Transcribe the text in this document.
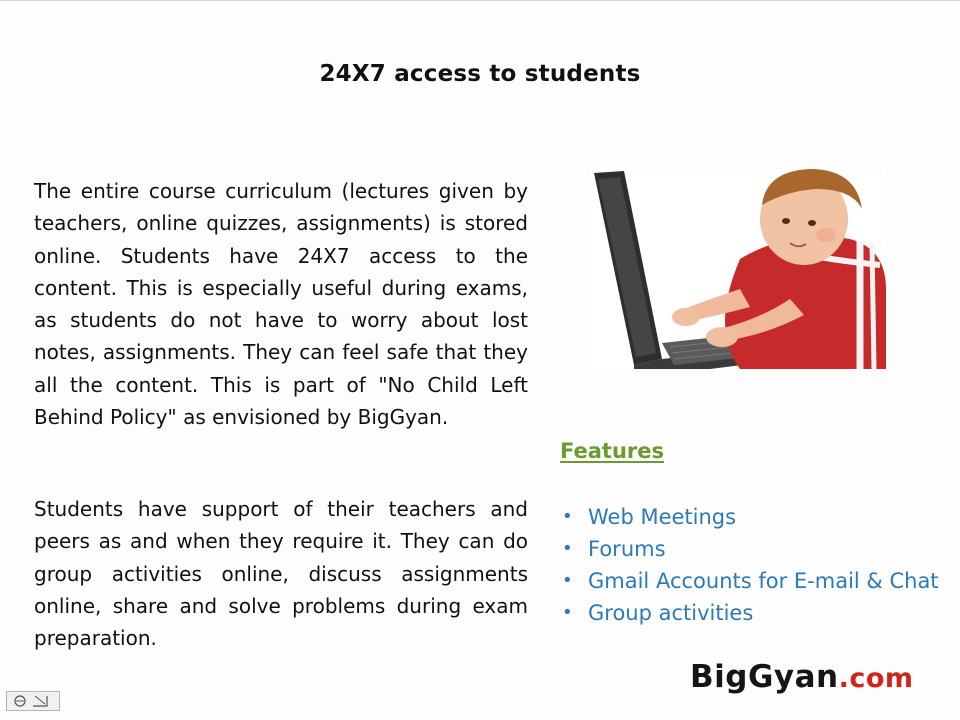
24X7 access to students

The entire course curriculum (lectures given by teachers, online quizzes, assignments) is stored online. Students have 24X7 access to the content. This is especially useful during exams, as students do not have to worry about lost notes, assignments. They can feel safe that they all the content. This is part of "No Child Left Behind Policy" as envisioned by BigGyan.

Students have support of their teachers and peers as and when they require it. They can do group activities online, discuss assignments online, share and solve problems during exam preparation.

Features
• Web Meetings
• Forums
• Gmail Accounts for E-mail & Chat
• Group activities
BigGyan.com
